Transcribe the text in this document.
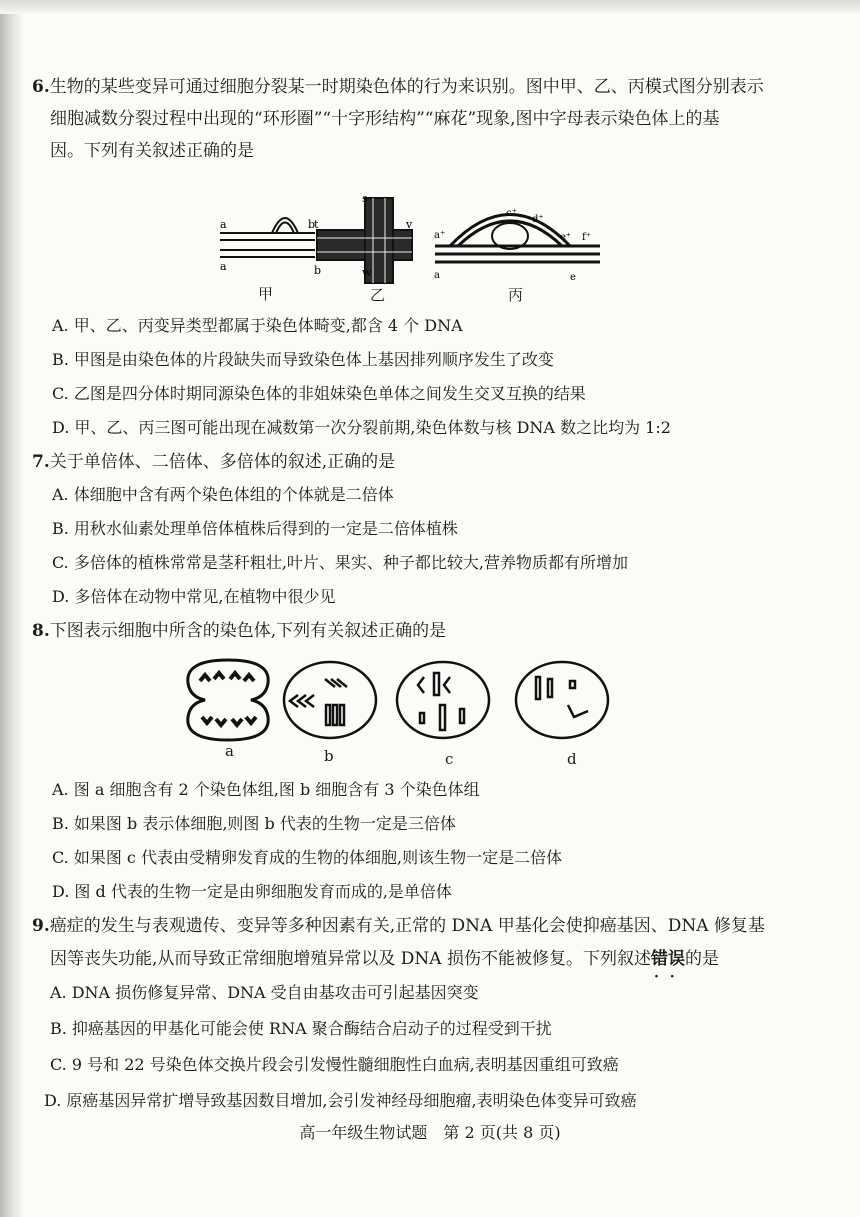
6.生物的某些变异可通过细胞分裂某一时期染色体的行为来识别。图中甲、乙、丙模式图分别表示
细胞减数分裂过程中出现的“环形圈”“十字形结构”“麻花”现象,图中字母表示染色体上的基
因。下列有关叙述正确的是
a
a
b
t
s
v
b	w
a⁺
c⁺
d⁺
e⁺ f⁺
a	e
甲	乙	丙
A. 甲、乙、丙变异类型都属于染色体畸变,都含 4 个 DNA
B. 甲图是由染色体的片段缺失而导致染色体上基因排列顺序发生了改变
C. 乙图是四分体时期同源染色体的非姐妹染色单体之间发生交叉互换的结果
D. 甲、乙、丙三图可能出现在减数第一次分裂前期,染色体数与核 DNA 数之比均为 1:2
7.关于单倍体、二倍体、多倍体的叙述,正确的是
A. 体细胞中含有两个染色体组的个体就是二倍体
B. 用秋水仙素处理单倍体植株后得到的一定是二倍体植株
C. 多倍体的植株常常是茎秆粗壮,叶片、果实、种子都比较大,营养物质都有所增加
D. 多倍体在动物中常见,在植物中很少见
8.下图表示细胞中所含的染色体,下列有关叙述正确的是
a	b	c	d
A. 图 a 细胞含有 2 个染色体组,图 b 细胞含有 3 个染色体组
B. 如果图 b 表示体细胞,则图 b 代表的生物一定是三倍体
C. 如果图 c 代表由受精卵发育成的生物的体细胞,则该生物一定是二倍体
D. 图 d 代表的生物一定是由卵细胞发育而成的,是单倍体
9.癌症的发生与表观遗传、变异等多种因素有关,正常的 DNA 甲基化会使抑癌基因、DNA 修复基
因等丧失功能,从而导致正常细胞增殖异常以及 DNA 损伤不能被修复。下列叙述错误 · ·的是
A. DNA 损伤修复异常、DNA 受自由基攻击可引起基因突变
B. 抑癌基因的甲基化可能会使 RNA 聚合酶结合启动子的过程受到干扰
C. 9 号和 22 号染色体交换片段会引发慢性髓细胞性白血病,表明基因重组可致癌
D. 原癌基因异常扩增导致基因数目增加,会引发神经母细胞瘤,表明染色体变异可致癌
高一年级生物试题　第 2 页(共 8 页)
